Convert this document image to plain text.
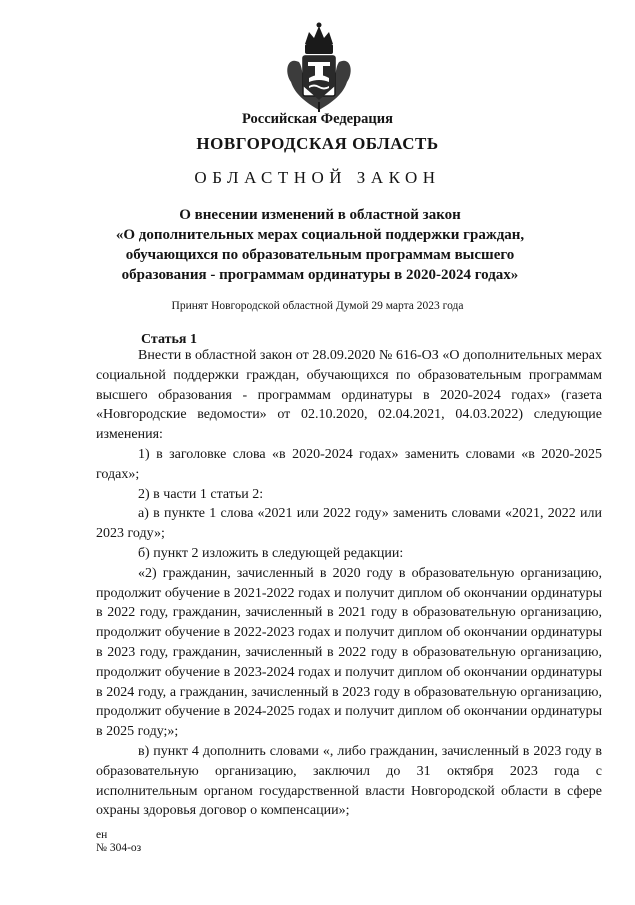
Российская Федерация
НОВГОРОДСКАЯ ОБЛАСТЬ
ОБЛАСТНОЙ ЗАКОН
О внесении изменений в областной закон
«О дополнительных мерах социальной поддержки граждан,
обучающихся по образовательным программам высшего
образования - программам ординатуры в 2020-2024 годах»
Принят Новгородской областной Думой 29 марта 2023 года
Статья 1

Внести в областной закон от 28.09.2020 № 616-ОЗ «О дополнительных мерах социальной поддержки граждан, обучающихся по образовательным программам высшего образования - программам ординатуры в 2020-2024 годах» (газета «Новгородские ведомости» от 02.10.2020, 02.04.2021, 04.03.2022) следующие изменения:

1) в заголовке слова «в 2020-2024 годах» заменить словами «в 2020-2025 годах»;

2) в части 1 статьи 2:

а) в пункте 1 слова «2021 или 2022 году» заменить словами «2021, 2022 или 2023 году»;

б) пункт 2 изложить в следующей редакции:

«2) гражданин, зачисленный в 2020 году в образовательную организацию, продолжит обучение в 2021-2022 годах и получит диплом об окончании ординатуры в 2022 году, гражданин, зачисленный в 2021 году в образовательную организацию, продолжит обучение в 2022-2023 годах и получит диплом об окончании ординатуры в 2023 году, гражданин, зачисленный в 2022 году в образовательную организацию, продолжит обучение в 2023-2024 годах и получит диплом об окончании ординатуры в 2024 году, а гражданин, зачисленный в 2023 году в образовательную организацию, продолжит обучение в 2024-2025 годах и получит диплом об окончании ординатуры в 2025 году;»;

в) пункт 4 дополнить словами «, либо гражданин, зачисленный в 2023 году в образовательную организацию, заключил до 31 октября 2023 года с исполнительным органом государственной власти Новгородской области в сфере охраны здоровья договор о компенсации»;

ен
№ 304-оз
